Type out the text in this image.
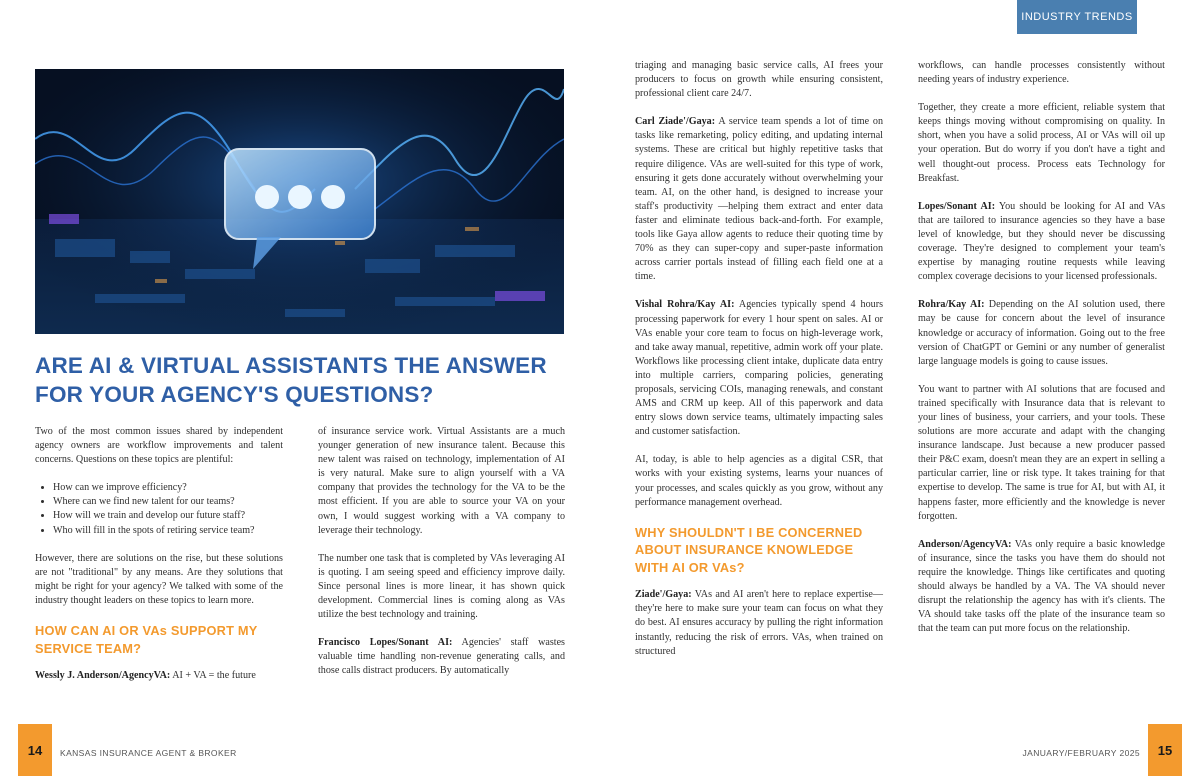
INDUSTRY TRENDS
ARE AI & VIRTUAL ASSISTANTS THE ANSWER FOR YOUR AGENCY'S QUESTIONS?

Two of the most common issues shared by independent agency owners are workflow improvements and talent concerns. Questions on these topics are plentiful:

• How can we improve efficiency?
• Where can we find new talent for our teams?
• How will we train and develop our future staff?
• Who will fill in the spots of retiring service team?

However, there are solutions on the rise, but these solutions are not "traditional" by any means. Are they solutions that might be right for your agency? We talked with some of the industry thought leaders on these topics to learn more.

HOW CAN AI OR VAs SUPPORT MY SERVICE TEAM?

Wessly J. Anderson/AgencyVA: AI + VA = the future

of insurance service work. Virtual Assistants are a much younger generation of new insurance talent. Because this new talent was raised on technology, implementation of AI is very natural. Make sure to align yourself with a VA company that provides the technology for the VA to be the most efficient. If you are able to source your VA on your own, I would suggest working with a VA company to leverage their technology.

The number one task that is completed by VAs leveraging AI is quoting. I am seeing speed and efficiency improve daily. Since personal lines is more linear, it has shown quick development. Commercial lines is coming along as VAs utilize the best technology and training.

Francisco Lopes/Sonant AI: Agencies' staff wastes valuable time handling non-revenue generating calls, and those calls distract producers. By automatically

triaging and managing basic service calls, AI frees your producers to focus on growth while ensuring consistent, professional client care 24/7.

Carl Ziade'/Gaya: A service team spends a lot of time on tasks like remarketing, policy editing, and updating internal systems. These are critical but highly repetitive tasks that require diligence. VAs are well-suited for this type of work, ensuring it gets done accurately without overwhelming your team. AI, on the other hand, is designed to increase your staff's productivity —helping them extract and enter data faster and eliminate tedious back-and-forth. For example, tools like Gaya allow agents to reduce their quoting time by 70% as they can super-copy and super-paste information across carrier portals instead of filling each field one at a time.

Vishal Rohra/Kay AI: Agencies typically spend 4 hours processing paperwork for every 1 hour spent on sales. AI or VAs enable your core team to focus on high-leverage work, and take away manual, repetitive, admin work off your plate. Workflows like processing client intake, duplicate data entry into multiple carriers, comparing policies, generating proposals, servicing COIs, managing renewals, and constant AMS and CRM up keep. All of this paperwork and data entry slows down service teams, ultimately impacting sales and customer satisfaction.

AI, today, is able to help agencies as a digital CSR, that works with your existing systems, learns your nuances of your processes, and scales quickly as you grow, without any performance management overhead.

WHY SHOULDN'T I BE CONCERNED ABOUT INSURANCE KNOWLEDGE WITH AI OR VAs?

Ziade'/Gaya: VAs and AI aren't here to replace expertise—they're here to make sure your team can focus on what they do best. AI ensures accuracy by pulling the right information instantly, reducing the risk of errors. VAs, when trained on structured

workflows, can handle processes consistently without needing years of industry experience.

Together, they create a more efficient, reliable system that keeps things moving without compromising on quality. In short, when you have a solid process, AI or VAs will oil up your operation. But do worry if you don't have a tight and well thought-out process. Process eats Technology for Breakfast.

Lopes/Sonant AI: You should be looking for AI and VAs that are tailored to insurance agencies so they have a base level of knowledge, but they should never be discussing coverage. They're designed to complement your team's expertise by managing routine requests while leaving complex coverage decisions to your licensed professionals.

Rohra/Kay AI: Depending on the AI solution used, there may be cause for concern about the level of insurance knowledge or accuracy of information. Going out to the free version of ChatGPT or Gemini or any number of generalist large language models is going to cause issues.

You want to partner with AI solutions that are focused and trained specifically with Insurance data that is relevant to your lines of business, your carriers, and your tools. These solutions are more accurate and adapt with the changing insurance landscape. Just because a new producer passed their P&C exam, doesn't mean they are an expert in selling a particular carrier, line or risk type. It takes training for that expertise to develop. The same is true for AI, but with AI, it happens faster, more efficiently and the knowledge is never forgotten.

Anderson/AgencyVA: VAs only require a basic knowledge of insurance, since the tasks you have them do should not require the knowledge. Things like certificates and quoting should always be handled by a VA. The VA should never disrupt the relationship the agency has with it's clients. The VA should take tasks off the plate of the insurance team so that the team can put more focus on the relationship.

14	KANSAS INSURANCE AGENT & BROKER	JANUARY/FEBRUARY 2025	15
